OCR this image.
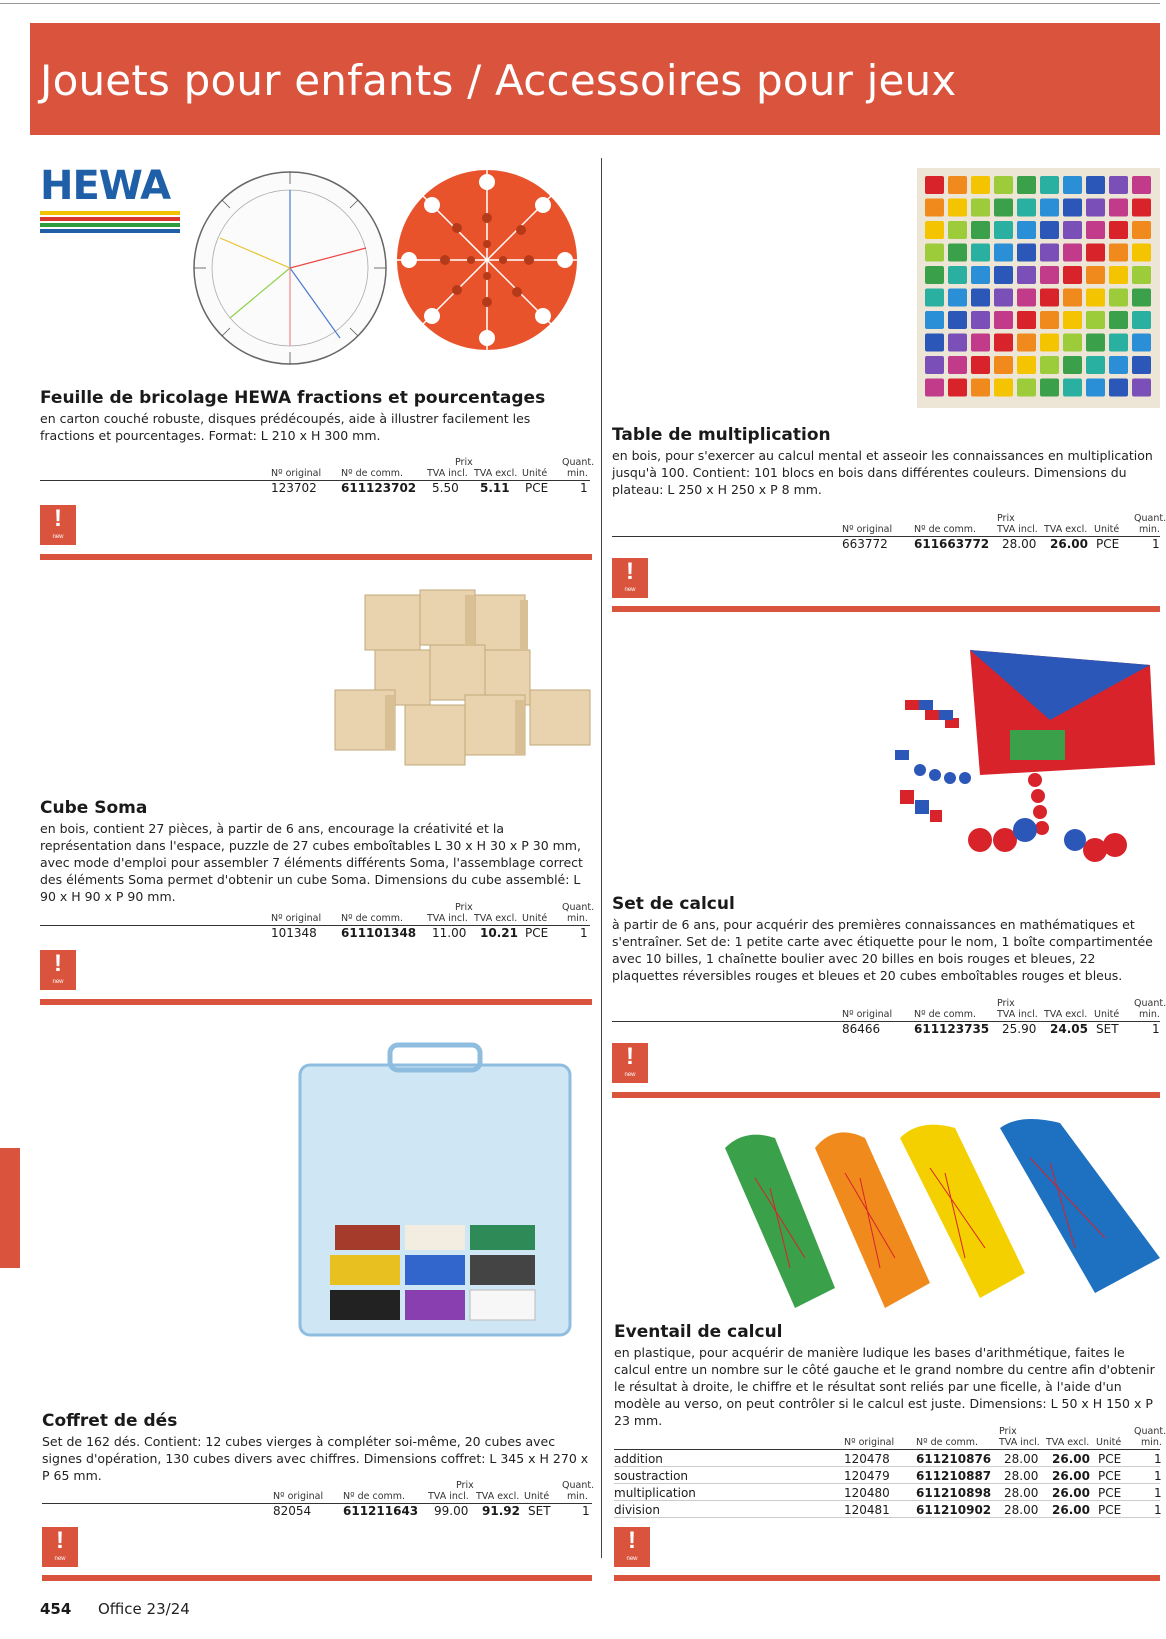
Jouets pour enfants / Accessoires pour jeux
HEWA
Feuille de bricolage HEWA fractions et pourcentages
en carton couché robuste, disques prédécoupés, aide à illustrer facilement les fractions et pourcentages. Format: L 210 x H 300 mm.
Prix	Quant.
Nº original Nº de comm.	TVA incl. TVA excl. Unité min.
123702 611123702 5.50 5.11 PCE	1
!
new
Table de multiplication
en bois, pour s'exercer au calcul mental et asseoir les connaissances en multiplication jusqu'à 100. Contient: 101 blocs en bois dans différentes couleurs. Dimensions du plateau: L 250 x H 250 x P 8 mm.
Prix	Quant.
Nº original Nº de comm. TVA incl. TVA excl. Unité min.
663772 611663772 28.00 26.00 PCE	1
!
new
Cube Soma
en bois, contient 27 pièces, à partir de 6 ans, encourage la créativité et la représentation dans l'espace, puzzle de 27 cubes emboîtables L 30 x H 30 x P 30 mm, avec mode d'emploi pour assembler 7 éléments différents Soma, l'assemblage correct des éléments Soma permet d'obtenir un cube Soma. Dimensions du cube assemblé: L 90 x H 90 x P 90 mm.
Prix	Quant.
Nº original Nº de comm.	TVA incl. TVA excl. Unité min.
101348 611101348 11.00 10.21 PCE	1
!
new
Set de calcul
à partir de 6 ans, pour acquérir des premières connaissances en mathématiques et s'entraîner. Set de: 1 petite carte avec étiquette pour le nom, 1 boîte compartimentée avec 10 billes, 1 chaînette boulier avec 20 billes en bois rouges et bleues, 22 plaquettes réversibles rouges et bleues et 20 cubes emboîtables rouges et bleus.
Prix	Quant.
Nº original Nº de comm. TVA incl. TVA excl. Unité min.
86466	611123735 25.90 24.05 SET	1
!
new
Coffret de dés
Set de 162 dés. Contient: 12 cubes vierges à compléter soi-même, 20 cubes avec signes d'opération, 130 cubes divers avec chiffres. Dimensions coffret: L 345 x H 270 x P 65 mm.
Prix	Quant.
Nº original Nº de comm. TVA incl. TVA excl. Unité min.
82054	611211643 99.00 91.92 SET	1
!
new
Eventail de calcul
en plastique, pour acquérir de manière ludique les bases d'arithmétique, faites le calcul entre un nombre sur le côté gauche et le grand nombre du centre afin d'obtenir le résultat à droite, le chiffre et le résultat sont reliés par une ficelle, à l'aide d'un modèle au verso, on peut contrôler si le calcul est juste. Dimensions: L 50 x H 150 x P 23 mm.
Prix	Quant.
Nº original Nº de comm. TVA incl. TVA excl. Unité min.
addition	120478 611210876 28.00 26.00 PCE	1
soustraction	120479 611210887 28.00 26.00 PCE	1
multiplication	120480 611210898 28.00 26.00 PCE	1
division	120481 611210902 28.00 26.00 PCE	1
!
new
454 Office 23/24
